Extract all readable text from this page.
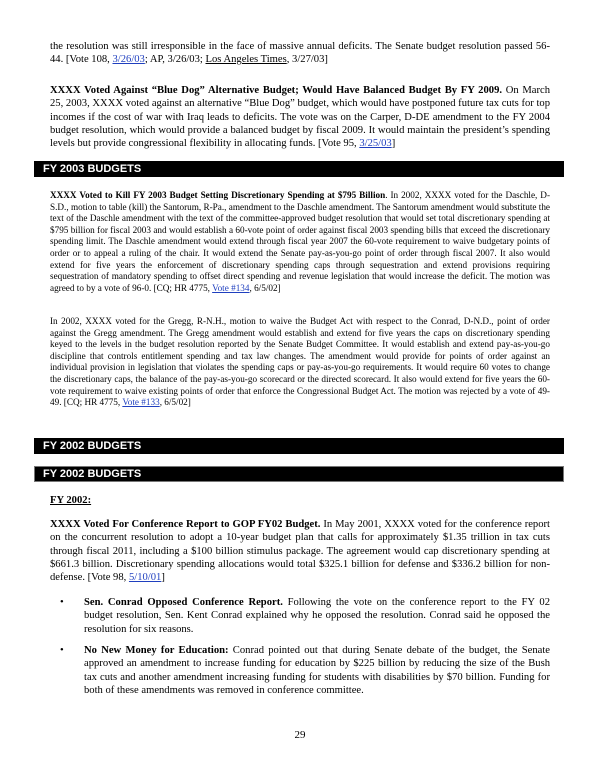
the resolution was still irresponsible in the face of massive annual deficits. The Senate budget resolution passed 56-44. [Vote 108, 3/26/03; AP, 3/26/03; Los Angeles Times, 3/27/03]

XXXX Voted Against “Blue Dog” Alternative Budget; Would Have Balanced Budget By FY 2009. On March 25, 2003, XXXX voted against an alternative “Blue Dog” budget, which would have postponed future tax cuts for top incomes if the cost of war with Iraq leads to deficits. The vote was on the Carper, D-DE amendment to the FY 2004 budget resolution, which would provide a balanced budget by fiscal 2009. It would maintain the president’s spending levels but provide congressional flexibility in allocating funds. [Vote 95, 3/25/03]

FY 2003 BUDGETS

XXXX Voted to Kill FY 2003 Budget Setting Discretionary Spending at $795 Billion. In 2002, XXXX voted for the Daschle, D-S.D., motion to table (kill) the Santorum, R-Pa., amendment to the Daschle amendment. The Santorum amendment would substitute the text of the Daschle amendment with the text of the committee-approved budget resolution that would set total discretionary spending at $795 billion for fiscal 2003 and would establish a 60-vote point of order against fiscal 2003 spending bills that exceed the discretionary spending limit. The Daschle amendment would extend through fiscal year 2007 the 60-vote requirement to waive budgetary points of order or to appeal a ruling of the chair. It would extend the Senate pay-as-you-go point of order through fiscal 2007. It also would extend for five years the enforcement of discretionary spending caps through sequestration and extend provisions requiring sequestration of mandatory spending to offset direct spending and revenue legislation that would increase the deficit. The motion was agreed to by a vote of 96-0. [CQ; HR 4775, Vote #134, 6/5/02]

In 2002, XXXX voted for the Gregg, R-N.H., motion to waive the Budget Act with respect to the Conrad, D-N.D., point of order against the Gregg amendment. The Gregg amendment would establish and extend for five years the caps on discretionary spending keyed to the levels in the budget resolution reported by the Senate Budget Committee. It would establish and extend pay-as-you-go discipline that controls entitlement spending and tax law changes. The amendment would provide for points of order against an individual provision in legislation that violates the spending caps or pay-as-you-go requirements. It would require 60 votes to change the discretionary caps, the balance of the pay-as-you-go scorecard or the directed scorecard. It also would extend for five years the 60-vote requirement to waive existing points of order that enforce the Congressional Budget Act. The motion was rejected by a vote of 49-49. [CQ; HR 4775, Vote #133, 6/5/02]

FY 2002 BUDGETS
FY 2002 BUDGETS

FY 2002:

XXXX Voted For Conference Report to GOP FY02 Budget. In May 2001, XXXX voted for the conference report on the concurrent resolution to adopt a 10-year budget plan that calls for approximately $1.35 trillion in tax cuts through fiscal 2011, including a $100 billion stimulus package. The agreement would cap discretionary spending at $661.3 billion. Discretionary spending allocations would total $325.1 billion for defense and $336.2 billion for non-defense. [Vote 98, 5/10/01]

• Sen. Conrad Opposed Conference Report. Following the vote on the conference report to the FY 02 budget resolution, Sen. Kent Conrad explained why he opposed the resolution. Conrad said he opposed the resolution for six reasons.

• No New Money for Education: Conrad pointed out that during Senate debate of the budget, the Senate approved an amendment to increase funding for education by $225 billion by reducing the size of the Bush tax cuts and another amendment increasing funding for students with disabilities by $70 billion. Funding for both of these amendments was removed in conference committee.

29
